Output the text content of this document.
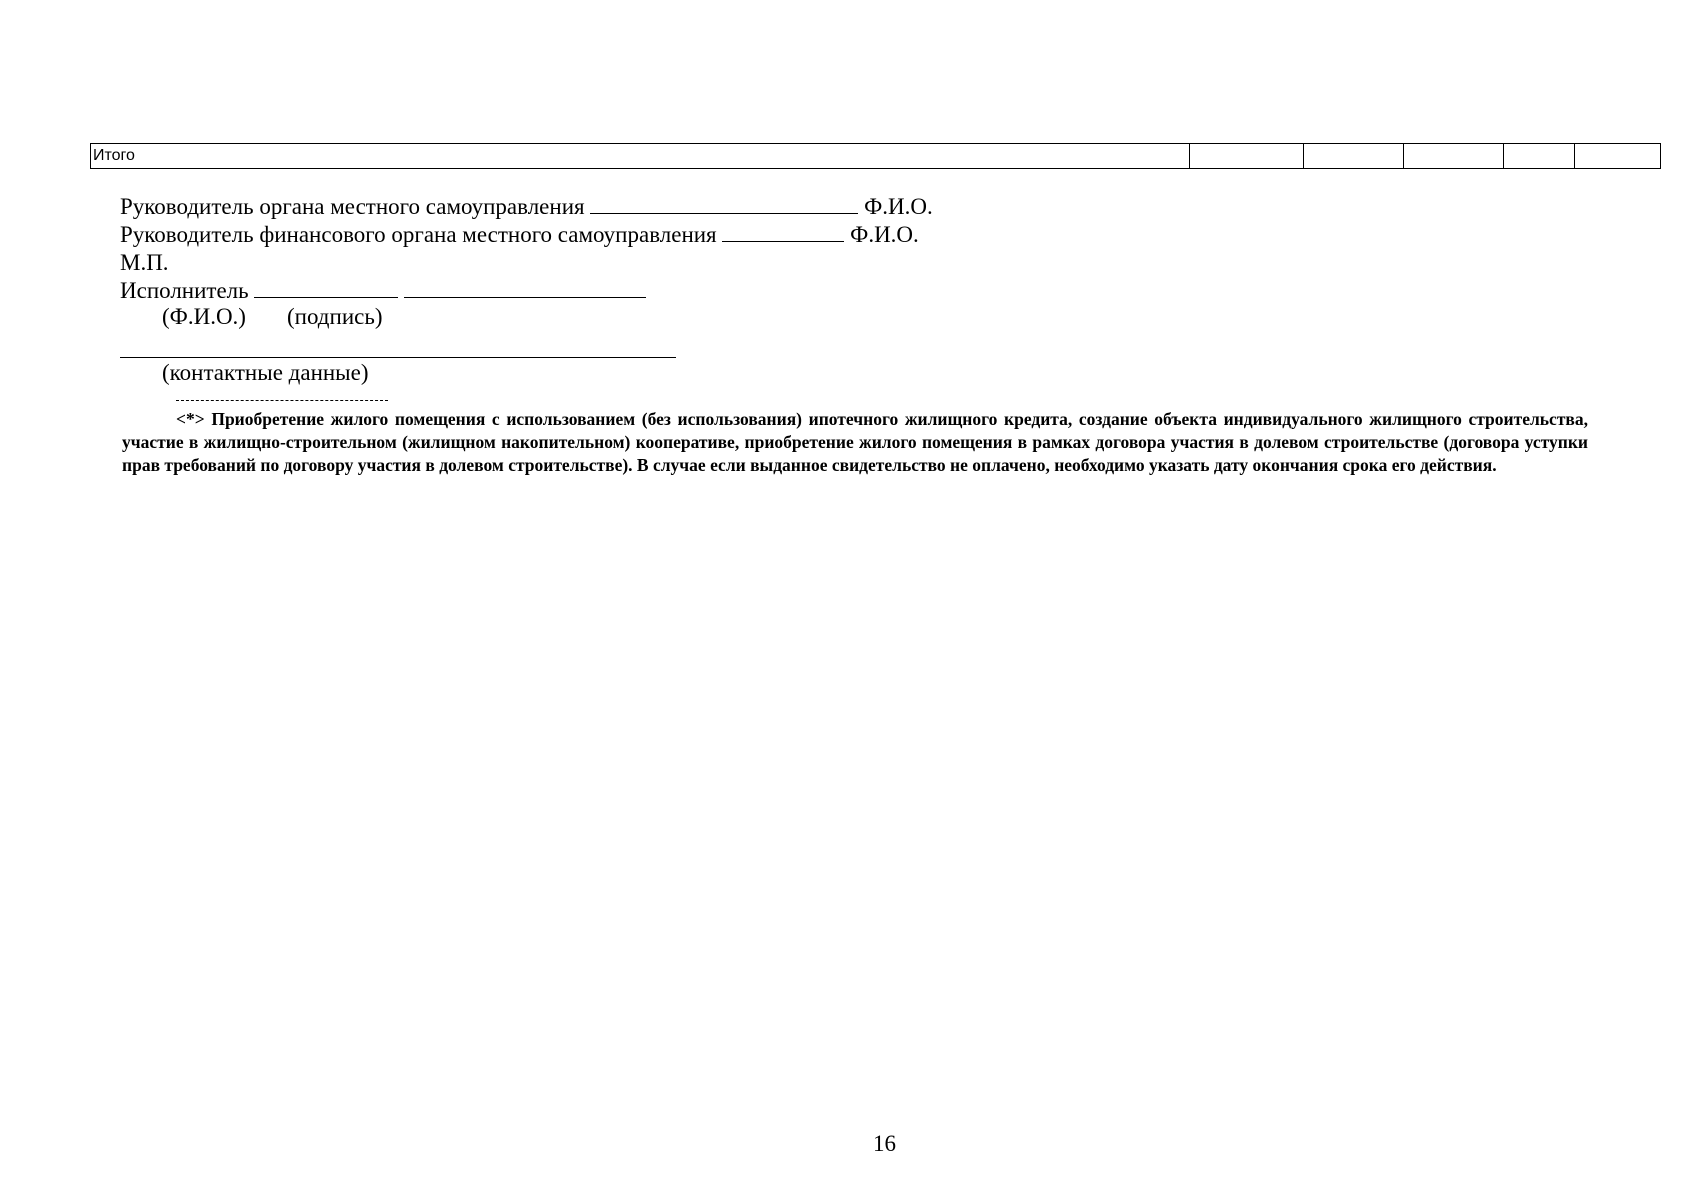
Итого					
Руководитель органа местного самоуправления	Ф.И.О.
Руководитель финансового органа местного самоуправления	Ф.И.О.
М.П.
Исполнитель
(Ф.И.О.) (подпись)
(контактные данные)
<*> Приобретение жилого помещения с использованием (без использования) ипотечного жилищного кредита, создание объекта индивидуального жилищного строительства, участие в жилищно-строительном (жилищном накопительном) кооперативе, приобретение жилого помещения в рамках договора участия в долевом строительстве (договора уступки прав требований по договору участия в долевом строительстве). В случае если выданное свидетельство не оплачено, необходимо указать дату окончания срока его действия.
16
